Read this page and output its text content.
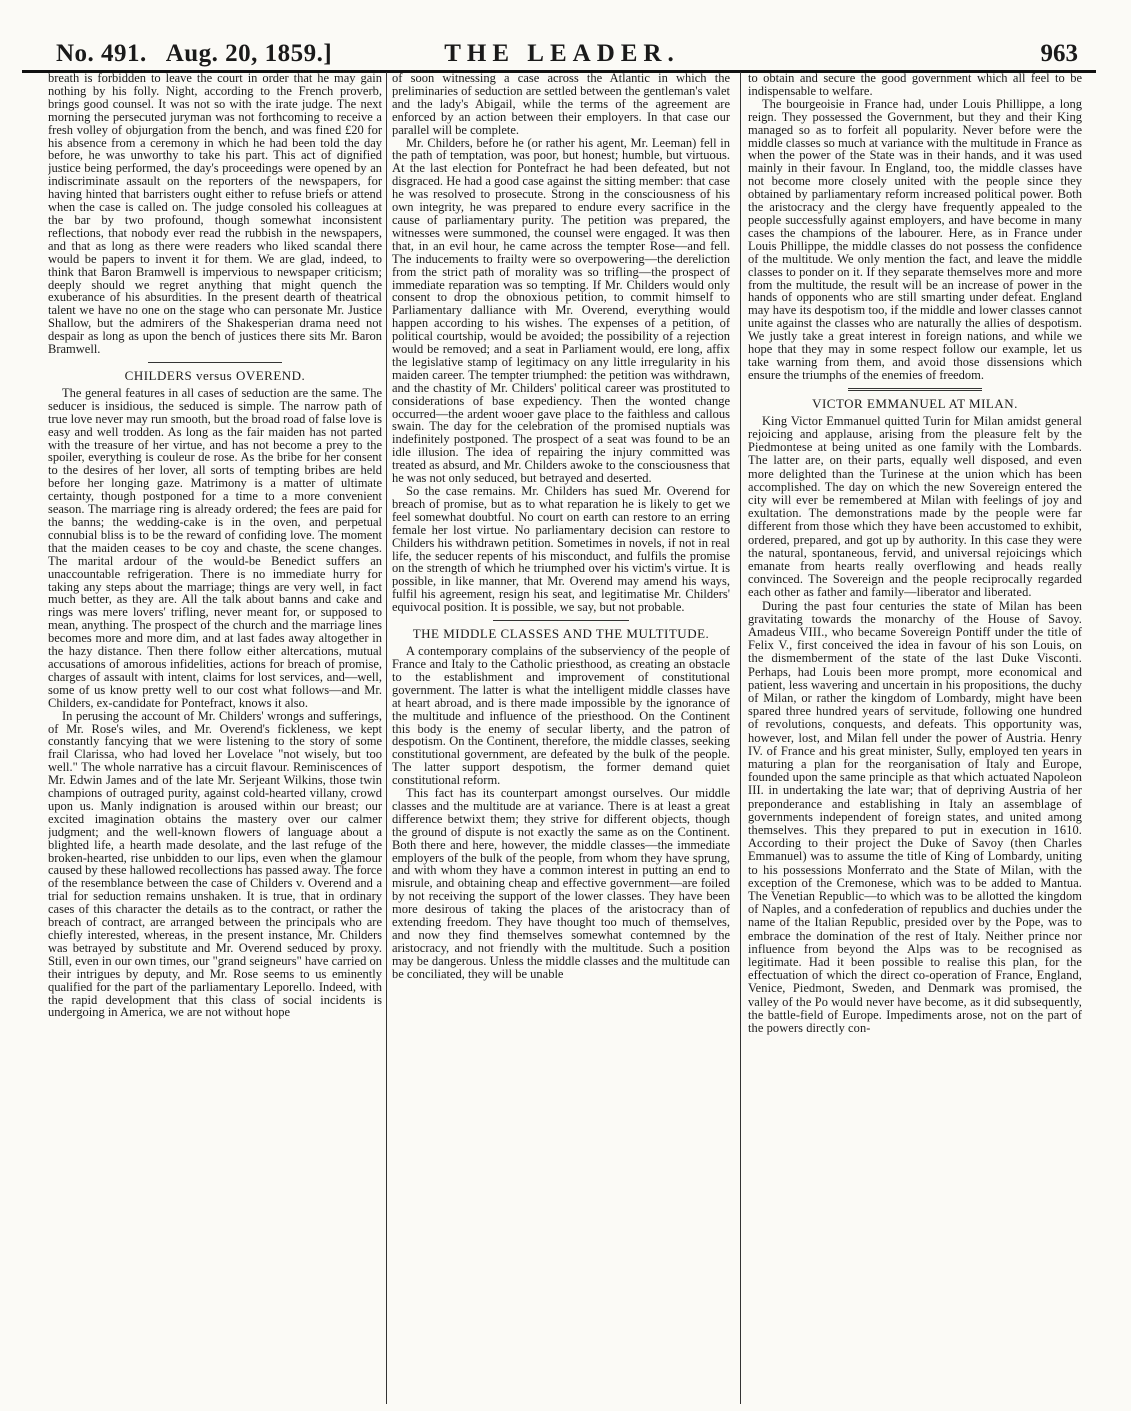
No. 491. Aug. 20, 1859.]	THE LEADER.	963

breath is forbidden to leave the court in order that he may gain nothing by his folly. Night, according to the French proverb, brings good counsel. It was not so with the irate judge. The next morning the persecuted juryman was not forthcoming to receive a fresh volley of objurgation from the bench, and was fined £20 for his absence from a ceremony in which he had been told the day before, he was unworthy to take his part. This act of dignified justice being performed, the day's proceedings were opened by an indiscriminate assault on the reporters of the newspapers, for having hinted that barristers ought either to refuse briefs or attend when the case is called on. The judge consoled his colleagues at the bar by two profound, though somewhat inconsistent reflections, that nobody ever read the rubbish in the newspapers, and that as long as there were readers who liked scandal there would be papers to invent it for them. We are glad, indeed, to think that Baron Bramwell is impervious to newspaper criticism; deeply should we regret anything that might quench the exuberance of his absurdities. In the present dearth of theatrical talent we have no one on the stage who can personate Mr. Justice Shallow, but the admirers of the Shakesperian drama need not despair as long as upon the bench of justices there sits Mr. Baron Bramwell.

CHILDERS versus OVEREND.

The general features in all cases of seduction are the same. The seducer is insidious, the seduced is simple. The narrow path of true love never may run smooth, but the broad road of false love is easy and well trodden. As long as the fair maiden has not parted with the treasure of her virtue, and has not become a prey to the spoiler, everything is couleur de rose. As the bribe for her consent to the desires of her lover, all sorts of tempting bribes are held before her longing gaze. Matrimony is a matter of ultimate certainty, though postponed for a time to a more convenient season. The marriage ring is already ordered; the fees are paid for the banns; the wedding-cake is in the oven, and perpetual connubial bliss is to be the reward of confiding love. The moment that the maiden ceases to be coy and chaste, the scene changes. The marital ardour of the would-be Benedict suffers an unaccountable refrigeration. There is no immediate hurry for taking any steps about the marriage; things are very well, in fact much better, as they are. All the talk about banns and cake and rings was mere lovers' trifling, never meant for, or supposed to mean, anything. The prospect of the church and the marriage lines becomes more and more dim, and at last fades away altogether in the hazy distance. Then there follow either altercations, mutual accusations of amorous infidelities, actions for breach of promise, charges of assault with intent, claims for lost services, and—well, some of us know pretty well to our cost what follows—and Mr. Childers, ex-candidate for Pontefract, knows it also.

In perusing the account of Mr. Childers' wrongs and sufferings, of Mr. Rose's wiles, and Mr. Overend's fickleness, we kept constantly fancying that we were listening to the story of some frail Clarissa, who had loved her Lovelace "not wisely, but too well." The whole narrative has a circuit flavour. Reminiscences of Mr. Edwin James and of the late Mr. Serjeant Wilkins, those twin champions of outraged purity, against cold-hearted villany, crowd upon us. Manly indignation is aroused within our breast; our excited imagination obtains the mastery over our calmer judgment; and the well-known flowers of language about a blighted life, a hearth made desolate, and the last refuge of the broken-hearted, rise unbidden to our lips, even when the glamour caused by these hallowed recollections has passed away. The force of the resemblance between the case of Childers v. Overend and a trial for seduction remains unshaken. It is true, that in ordinary cases of this character the details as to the contract, or rather the breach of contract, are arranged between the principals who are chiefly interested, whereas, in the present instance, Mr. Childers was betrayed by substitute and Mr. Overend seduced by proxy. Still, even in our own times, our "grand seigneurs" have carried on their intrigues by deputy, and Mr. Rose seems to us eminently qualified for the part of the parliamentary Leporello. Indeed, with the rapid development that this class of social incidents is undergoing in America, we are not without hope

of soon witnessing a case across the Atlantic in which the preliminaries of seduction are settled between the gentleman's valet and the lady's Abigail, while the terms of the agreement are enforced by an action between their employers. In that case our parallel will be complete.

Mr. Childers, before he (or rather his agent, Mr. Leeman) fell in the path of temptation, was poor, but honest; humble, but virtuous. At the last election for Pontefract he had been defeated, but not disgraced. He had a good case against the sitting member: that case he was resolved to prosecute. Strong in the consciousness of his own integrity, he was prepared to endure every sacrifice in the cause of parliamentary purity. The petition was prepared, the witnesses were summoned, the counsel were engaged. It was then that, in an evil hour, he came across the tempter Rose—and fell. The inducements to frailty were so overpowering—the dereliction from the strict path of morality was so trifling—the prospect of immediate reparation was so tempting. If Mr. Childers would only consent to drop the obnoxious petition, to commit himself to Parliamentary dalliance with Mr. Overend, everything would happen according to his wishes. The expenses of a petition, of political courtship, would be avoided; the possibility of a rejection would be removed; and a seat in Parliament would, ere long, affix the legislative stamp of legitimacy on any little irregularity in his maiden career. The tempter triumphed: the petition was withdrawn, and the chastity of Mr. Childers' political career was prostituted to considerations of base expediency. Then the wonted change occurred—the ardent wooer gave place to the faithless and callous swain. The day for the celebration of the promised nuptials was indefinitely postponed. The prospect of a seat was found to be an idle illusion. The idea of repairing the injury committed was treated as absurd, and Mr. Childers awoke to the consciousness that he was not only seduced, but betrayed and deserted.

So the case remains. Mr. Childers has sued Mr. Overend for breach of promise, but as to what reparation he is likely to get we feel somewhat doubtful. No court on earth can restore to an erring female her lost virtue. No parliamentary decision can restore to Childers his withdrawn petition. Sometimes in novels, if not in real life, the seducer repents of his misconduct, and fulfils the promise on the strength of which he triumphed over his victim's virtue. It is possible, in like manner, that Mr. Overend may amend his ways, fulfil his agreement, resign his seat, and legitimatise Mr. Childers' equivocal position. It is possible, we say, but not probable.

THE MIDDLE CLASSES AND THE MULTITUDE.

A contemporary complains of the subserviency of the people of France and Italy to the Catholic priesthood, as creating an obstacle to the establishment and improvement of constitutional government. The latter is what the intelligent middle classes have at heart abroad, and is there made impossible by the ignorance of the multitude and influence of the priesthood. On the Continent this body is the enemy of secular liberty, and the patron of despotism. On the Continent, therefore, the middle classes, seeking constitutional government, are defeated by the bulk of the people. The latter support despotism, the former demand quiet constitutional reform.

This fact has its counterpart amongst ourselves. Our middle classes and the multitude are at variance. There is at least a great difference betwixt them; they strive for different objects, though the ground of dispute is not exactly the same as on the Continent. Both there and here, however, the middle classes—the immediate employers of the bulk of the people, from whom they have sprung, and with whom they have a common interest in putting an end to misrule, and obtaining cheap and effective government—are foiled by not receiving the support of the lower classes. They have been more desirous of taking the places of the aristocracy than of extending freedom. They have thought too much of themselves, and now they find themselves somewhat contemned by the aristocracy, and not friendly with the multitude. Such a position may be dangerous. Unless the middle classes and the multitude can be conciliated, they will be unable

to obtain and secure the good government which all feel to be indispensable to welfare.

The bourgeoisie in France had, under Louis Phillippe, a long reign. They possessed the Government, but they and their King managed so as to forfeit all popularity. Never before were the middle classes so much at variance with the multitude in France as when the power of the State was in their hands, and it was used mainly in their favour. In England, too, the middle classes have not become more closely united with the people since they obtained by parliamentary reform increased political power. Both the aristocracy and the clergy have frequently appealed to the people successfully against employers, and have become in many cases the champions of the labourer. Here, as in France under Louis Phillippe, the middle classes do not possess the confidence of the multitude. We only mention the fact, and leave the middle classes to ponder on it. If they separate themselves more and more from the multitude, the result will be an increase of power in the hands of opponents who are still smarting under defeat. England may have its despotism too, if the middle and lower classes cannot unite against the classes who are naturally the allies of despotism. We justly take a great interest in foreign nations, and while we hope that they may in some respect follow our example, let us take warning from them, and avoid those dissensions which ensure the triumphs of the enemies of freedom.

VICTOR EMMANUEL AT MILAN.

King Victor Emmanuel quitted Turin for Milan amidst general rejoicing and applause, arising from the pleasure felt by the Piedmontese at being united as one family with the Lombards. The latter are, on their parts, equally well disposed, and even more delighted than the Turinese at the union which has been accomplished. The day on which the new Sovereign entered the city will ever be remembered at Milan with feelings of joy and exultation. The demonstrations made by the people were far different from those which they have been accustomed to exhibit, ordered, prepared, and got up by authority. In this case they were the natural, spontaneous, fervid, and universal rejoicings which emanate from hearts really overflowing and heads really convinced. The Sovereign and the people reciprocally regarded each other as father and family—liberator and liberated.

During the past four centuries the state of Milan has been gravitating towards the monarchy of the House of Savoy. Amadeus VIII., who became Sovereign Pontiff under the title of Felix V., first conceived the idea in favour of his son Louis, on the dismemberment of the state of the last Duke Visconti. Perhaps, had Louis been more prompt, more economical and patient, less wavering and uncertain in his propositions, the duchy of Milan, or rather the kingdom of Lombardy, might have been spared three hundred years of servitude, following one hundred of revolutions, conquests, and defeats. This opportunity was, however, lost, and Milan fell under the power of Austria. Henry IV. of France and his great minister, Sully, employed ten years in maturing a plan for the reorganisation of Italy and Europe, founded upon the same principle as that which actuated Napoleon III. in undertaking the late war; that of depriving Austria of her preponderance and establishing in Italy an assemblage of governments independent of foreign states, and united among themselves. This they prepared to put in execution in 1610. According to their project the Duke of Savoy (then Charles Emmanuel) was to assume the title of King of Lombardy, uniting to his possessions Monferrato and the State of Milan, with the exception of the Cremonese, which was to be added to Mantua. The Venetian Republic—to which was to be allotted the kingdom of Naples, and a confederation of republics and duchies under the name of the Italian Republic, presided over by the Pope, was to embrace the domination of the rest of Italy. Neither prince nor influence from beyond the Alps was to be recognised as legitimate. Had it been possible to realise this plan, for the effectuation of which the direct co-operation of France, England, Venice, Piedmont, Sweden, and Denmark was promised, the valley of the Po would never have become, as it did subsequently, the battle-field of Europe. Impediments arose, not on the part of the powers directly con-
